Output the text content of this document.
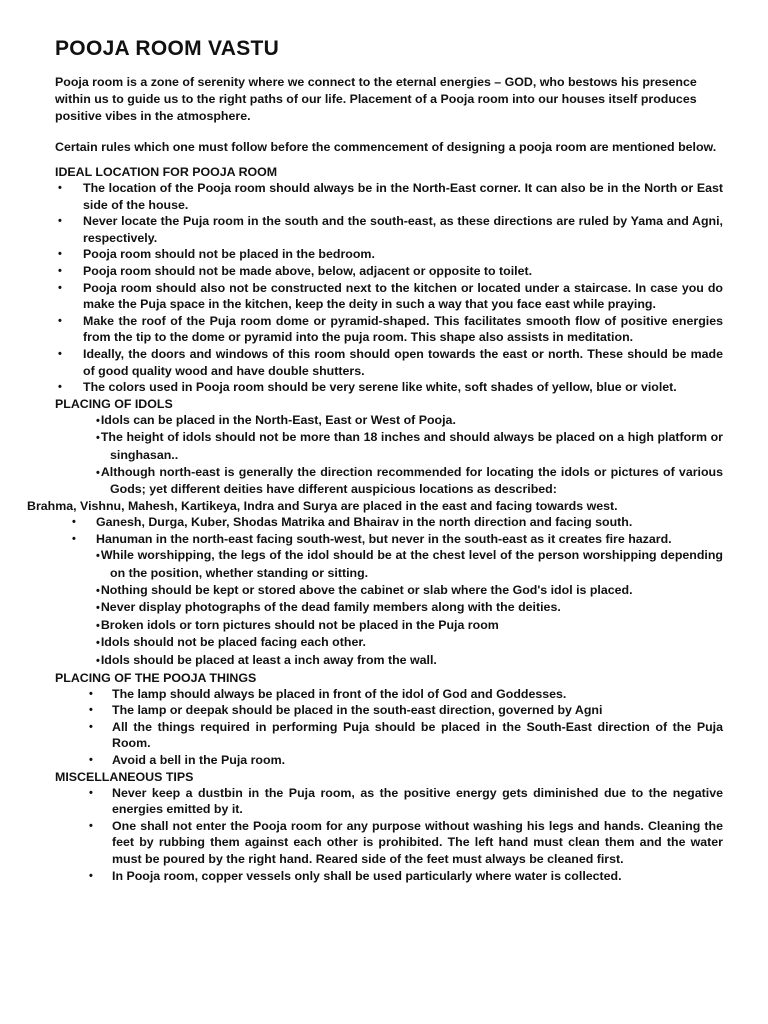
POOJA ROOM VASTU

Pooja room is a zone of serenity where we connect to the eternal energies – GOD, who bestows his presence within us to guide us to the right paths of our life. Placement of a Pooja room into our houses itself produces positive vibes in the atmosphere.

Certain rules which one must follow before the commencement of designing a pooja room are mentioned below.

IDEAL LOCATION FOR POOJA ROOM
• The location of the Pooja room should always be in the North-East corner. It can also be in the North or East side of the house.
• Never locate the Puja room in the south and the south-east, as these directions are ruled by Yama and Agni, respectively.
• Pooja room should not be placed in the bedroom.
• Pooja room should not be made above, below, adjacent or opposite to toilet.
• Pooja room should also not be constructed next to the kitchen or located under a staircase. In case you do make the Puja space in the kitchen, keep the deity in such a way that you face east while praying.
• Make the roof of the Puja room dome or pyramid-shaped. This facilitates smooth flow of positive energies from the tip to the dome or pyramid into the puja room. This shape also assists in meditation.
• Ideally, the doors and windows of this room should open towards the east or north. These should be made of good quality wood and have double shutters.
• The colors used in Pooja room should be very serene like white, soft shades of yellow, blue or violet.
PLACING OF IDOLS
•Idols can be placed in the North-East, East or West of Pooja.
•The height of idols should not be more than 18 inches and should always be placed on a high platform or singhasan..
•Although north-east is generally the direction recommended for locating the idols or pictures of various Gods; yet different deities have different auspicious locations as described:
Brahma, Vishnu, Mahesh, Kartikeya, Indra and Surya are placed in the east and facing towards west.
• Ganesh, Durga, Kuber, Shodas Matrika and Bhairav in the north direction and facing south.
• Hanuman in the north-east facing south-west, but never in the south-east as it creates fire hazard.
•While worshipping, the legs of the idol should be at the chest level of the person worshipping depending on the position, whether standing or sitting.
•Nothing should be kept or stored above the cabinet or slab where the God's idol is placed.
•Never display photographs of the dead family members along with the deities.
•Broken idols or torn pictures should not be placed in the Puja room
•Idols should not be placed facing each other.
•Idols should be placed at least a inch away from the wall.
PLACING OF THE POOJA THINGS
• The lamp should always be placed in front of the idol of God and Goddesses.
• The lamp or deepak should be placed in the south-east direction, governed by Agni
• All the things required in performing Puja should be placed in the South-East direction of the Puja Room.
• Avoid a bell in the Puja room.
MISCELLANEOUS TIPS
• Never keep a dustbin in the Puja room, as the positive energy gets diminished due to the negative energies emitted by it.
• One shall not enter the Pooja room for any purpose without washing his legs and hands. Cleaning the feet by rubbing them against each other is prohibited. The left hand must clean them and the water must be poured by the right hand. Reared side of the feet must always be cleaned first.
• In Pooja room, copper vessels only shall be used particularly where water is collected.
